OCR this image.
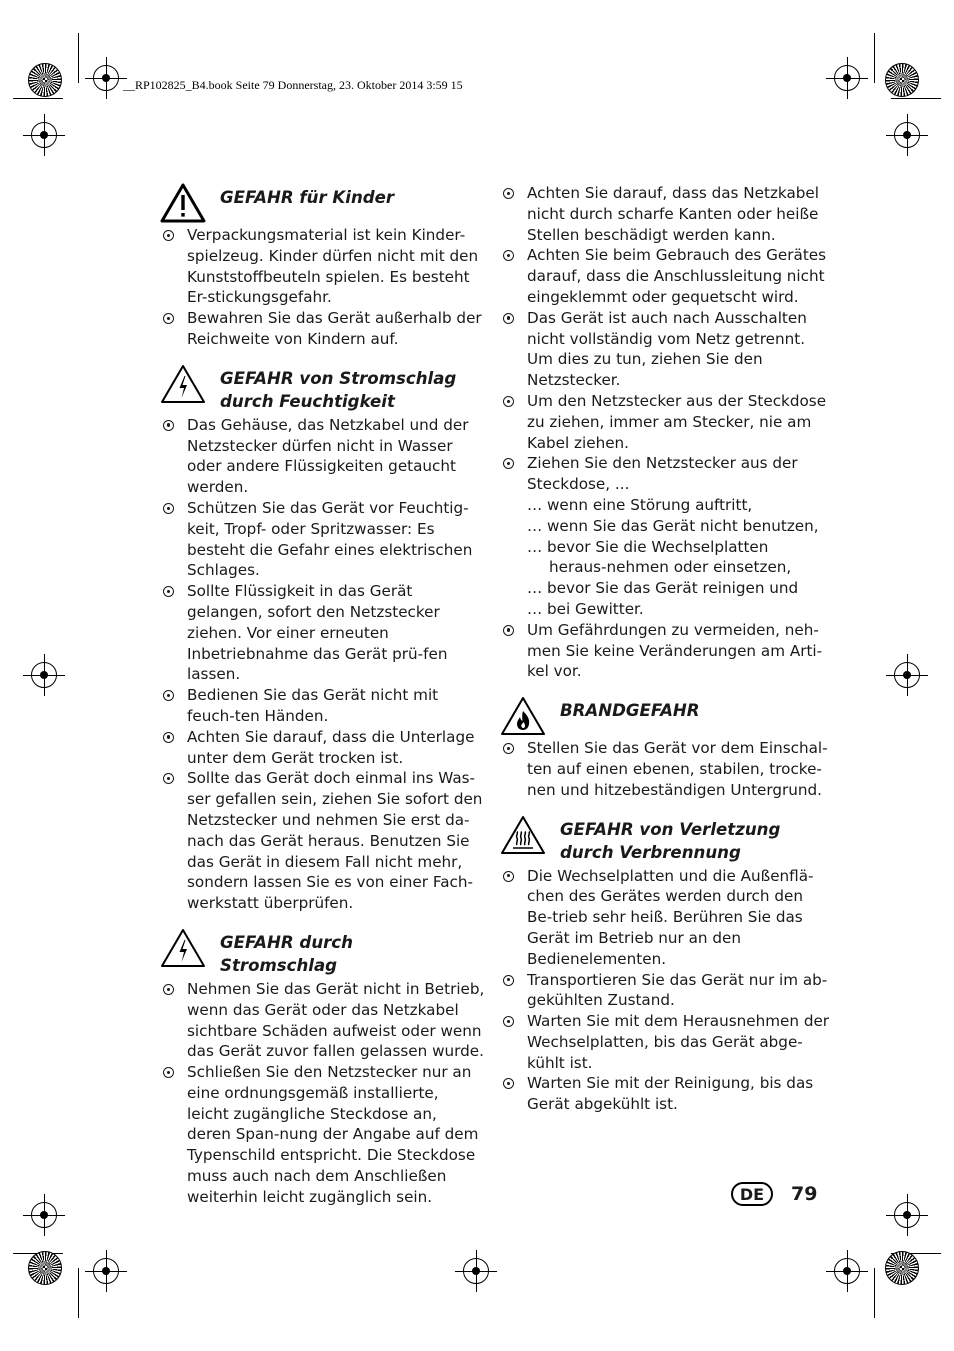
__RP102825_B4.book Seite 79 Donnerstag, 23. Oktober 2014 3:59 15
GEFAHR für Kinder
Verpackungsmaterial ist kein Kinder-spielzeug. Kinder dürfen nicht mit den Kunststoffbeuteln spielen. Es besteht Er-stickungsgefahr.
Bewahren Sie das Gerät außerhalb der Reichweite von Kindern auf.
GEFAHR von Stromschlag
durch Feuchtigkeit
Das Gehäuse, das Netzkabel und der Netzstecker dürfen nicht in Wasser oder andere Flüssigkeiten getaucht werden.
Schützen Sie das Gerät vor Feuchtig-keit, Tropf- oder Spritzwasser: Es besteht die Gefahr eines elektrischen Schlages.
Sollte Flüssigkeit in das Gerät gelangen, sofort den Netzstecker ziehen. Vor einer erneuten Inbetriebnahme das Gerät prü-fen lassen.
Bedienen Sie das Gerät nicht mit feuch-ten Händen.
Achten Sie darauf, dass die Unterlage unter dem Gerät trocken ist.
Sollte das Gerät doch einmal ins Was-ser gefallen sein, ziehen Sie sofort den Netzstecker und nehmen Sie erst da-nach das Gerät heraus. Benutzen Sie das Gerät in diesem Fall nicht mehr, sondern lassen Sie es von einer Fach-werkstatt überprüfen.
GEFAHR durch
Stromschlag
Nehmen Sie das Gerät nicht in Betrieb, wenn das Gerät oder das Netzkabel sichtbare Schäden aufweist oder wenn das Gerät zuvor fallen gelassen wurde.
Schließen Sie den Netzstecker nur an eine ordnungsgemäß installierte, leicht zugängliche Steckdose an, deren Span-nung der Angabe auf dem Typenschild entspricht. Die Steckdose muss auch nach dem Anschließen weiterhin leicht zugänglich sein.
Achten Sie darauf, dass das Netzkabel nicht durch scharfe Kanten oder heiße Stellen beschädigt werden kann.
Achten Sie beim Gebrauch des Gerätes darauf, dass die Anschlussleitung nicht eingeklemmt oder gequetscht wird.
Das Gerät ist auch nach Ausschalten nicht vollständig vom Netz getrennt. Um dies zu tun, ziehen Sie den Netzstecker.
Um den Netzstecker aus der Steckdose zu ziehen, immer am Stecker, nie am Kabel ziehen.
Ziehen Sie den Netzstecker aus der Steckdose, ...
… wenn eine Störung auftritt,
… wenn Sie das Gerät nicht benutzen,
… bevor Sie die Wechselplatten heraus-nehmen oder einsetzen,
… bevor Sie das Gerät reinigen und
… bei Gewitter.
Um Gefährdungen zu vermeiden, neh-men Sie keine Veränderungen am Arti-kel vor.
BRANDGEFAHR
Stellen Sie das Gerät vor dem Einschal-ten auf einen ebenen, stabilen, trocke-nen und hitzebeständigen Untergrund.
GEFAHR von Verletzung
durch Verbrennung
Die Wechselplatten und die Außenflä-chen des Gerätes werden durch den Be-trieb sehr heiß. Berühren Sie das Gerät im Betrieb nur an den Bedienelementen.
Transportieren Sie das Gerät nur im ab-gekühlten Zustand.
Warten Sie mit dem Herausnehmen der Wechselplatten, bis das Gerät abge-kühlt ist.
Warten Sie mit der Reinigung, bis das Gerät abgekühlt ist.
DE	79
